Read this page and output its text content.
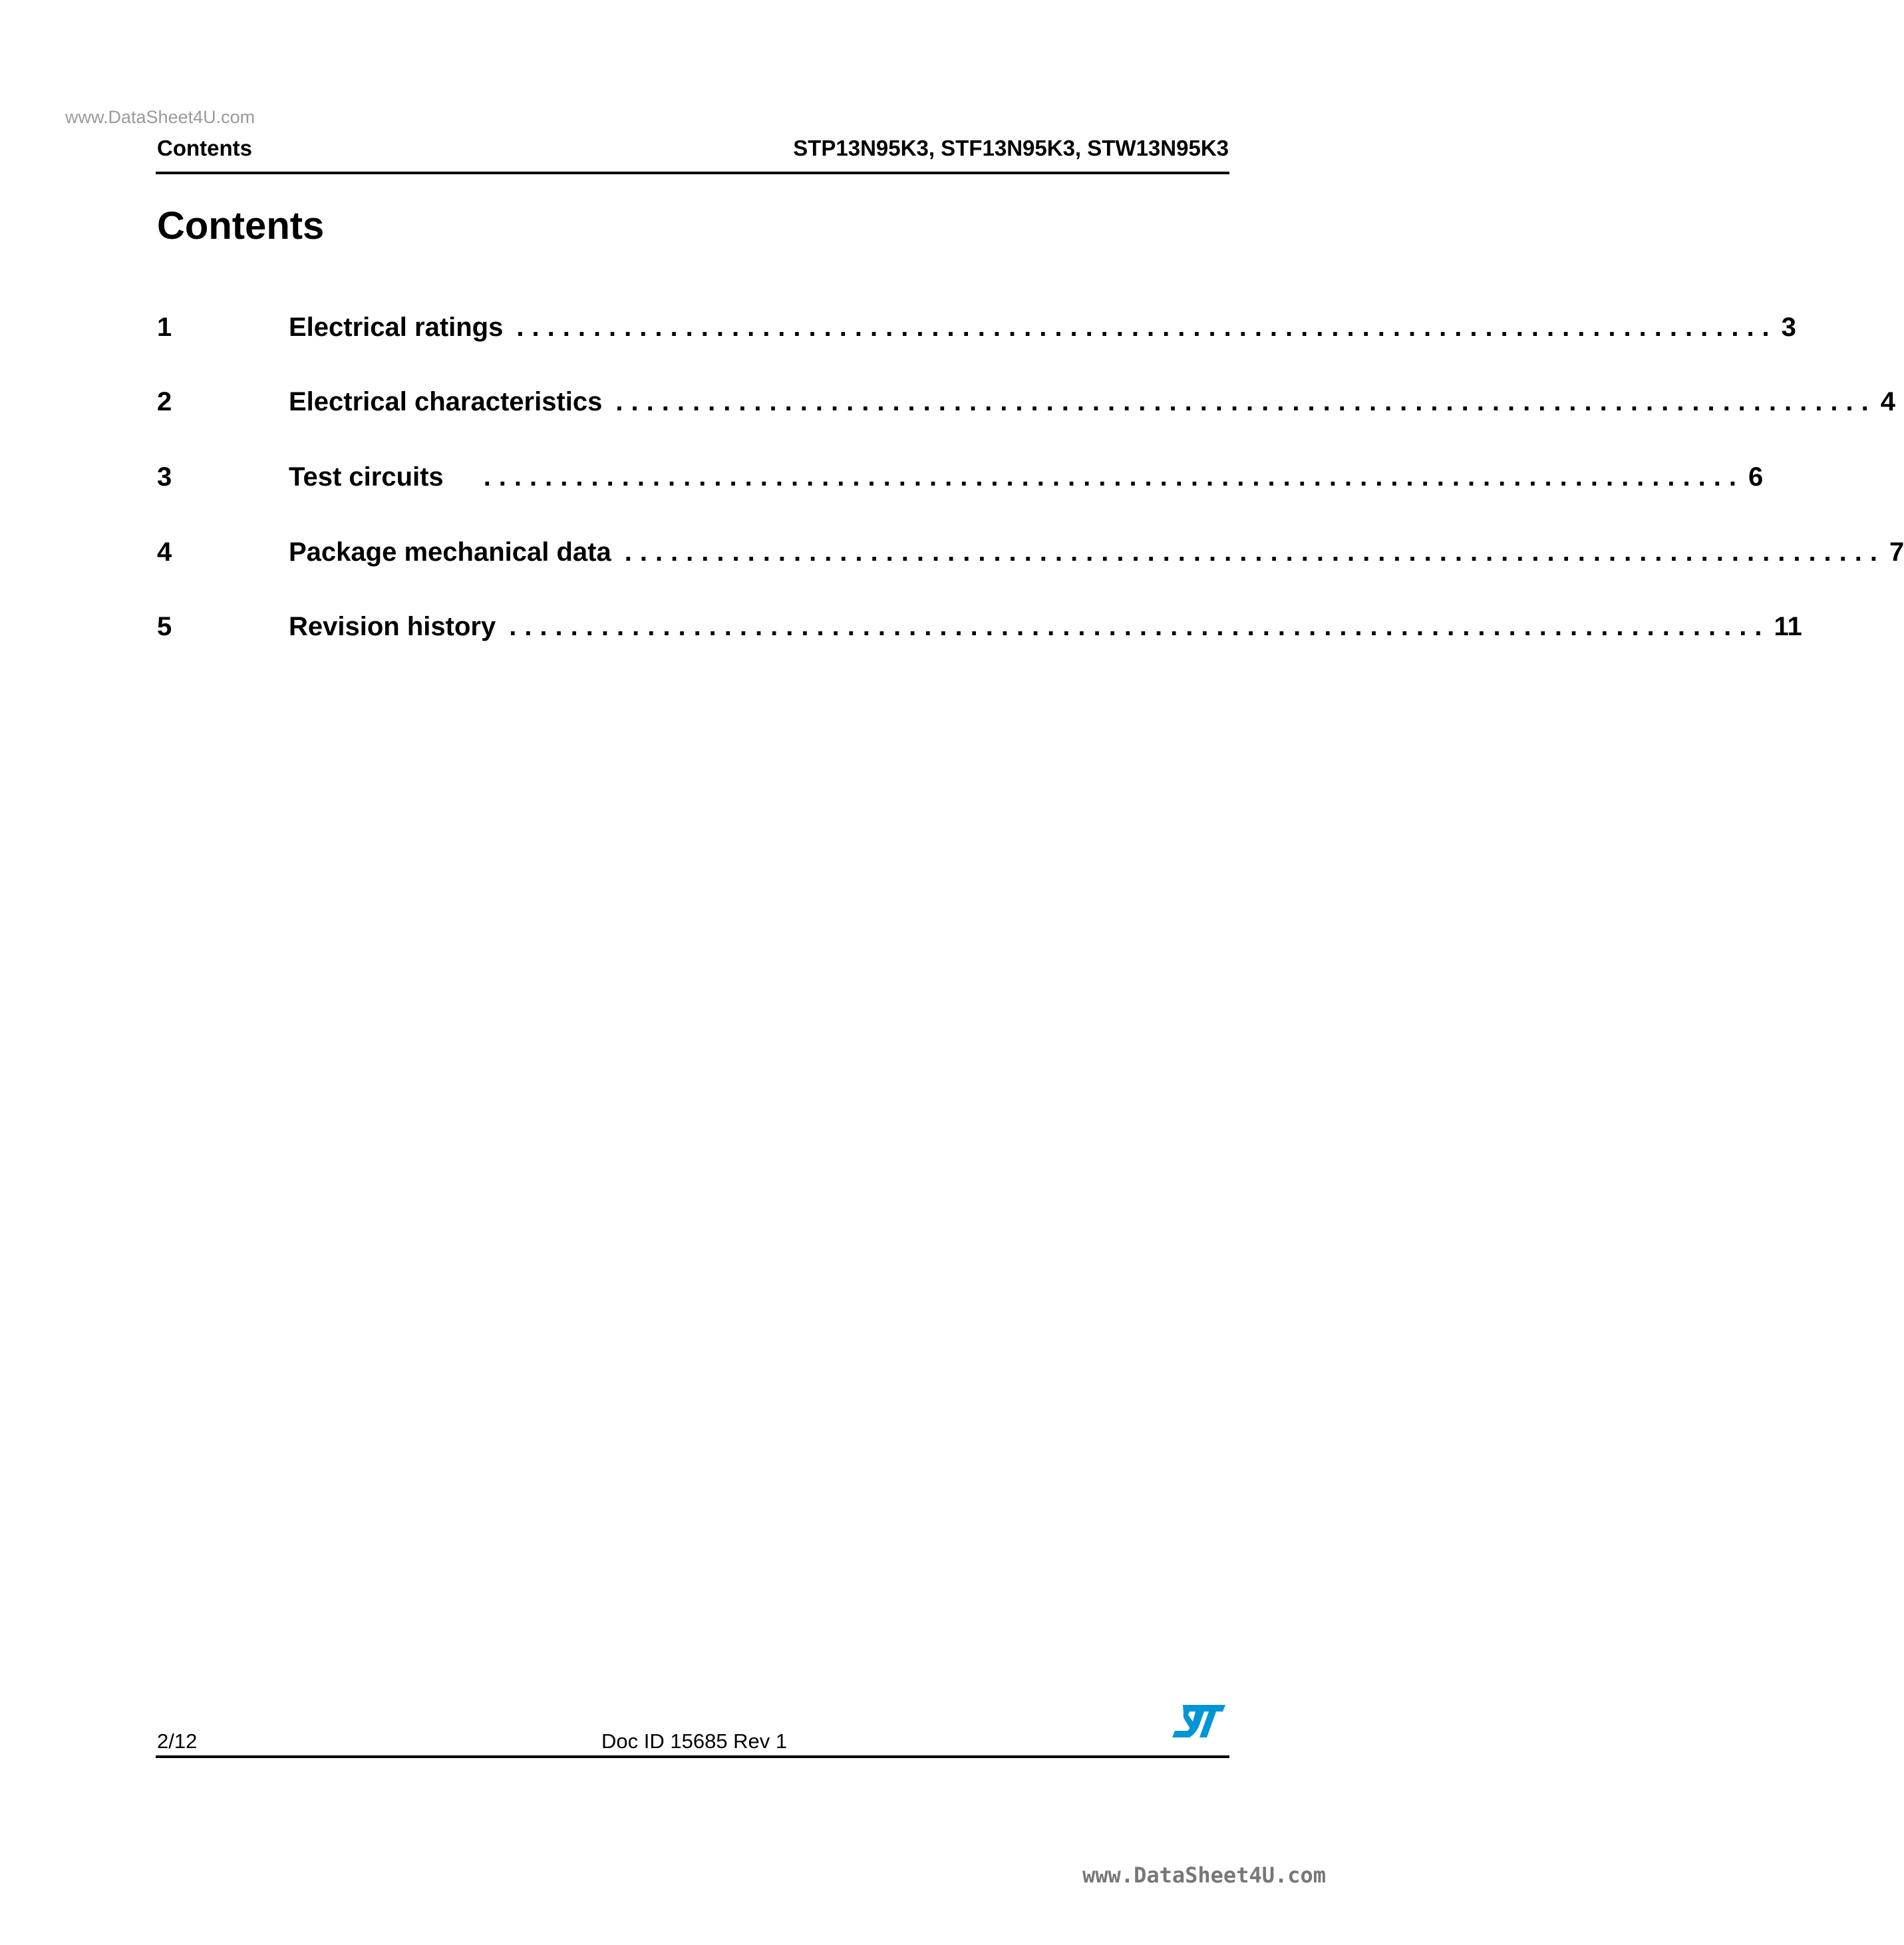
www.DataSheet4U.com
Contents	STP13N95K3, STF13N95K3, STW13N95K3
Contents
1	Electrical ratings .................................................................................. 3
2	Electrical characteristics .................................................................................. 4
3	Test circuits	.................................................................................. 6
4	Package mechanical data .................................................................................. 7
5	Revision history .................................................................................. 11
2/12	Doc ID 15685 Rev 1
www.DataSheet4U.com
